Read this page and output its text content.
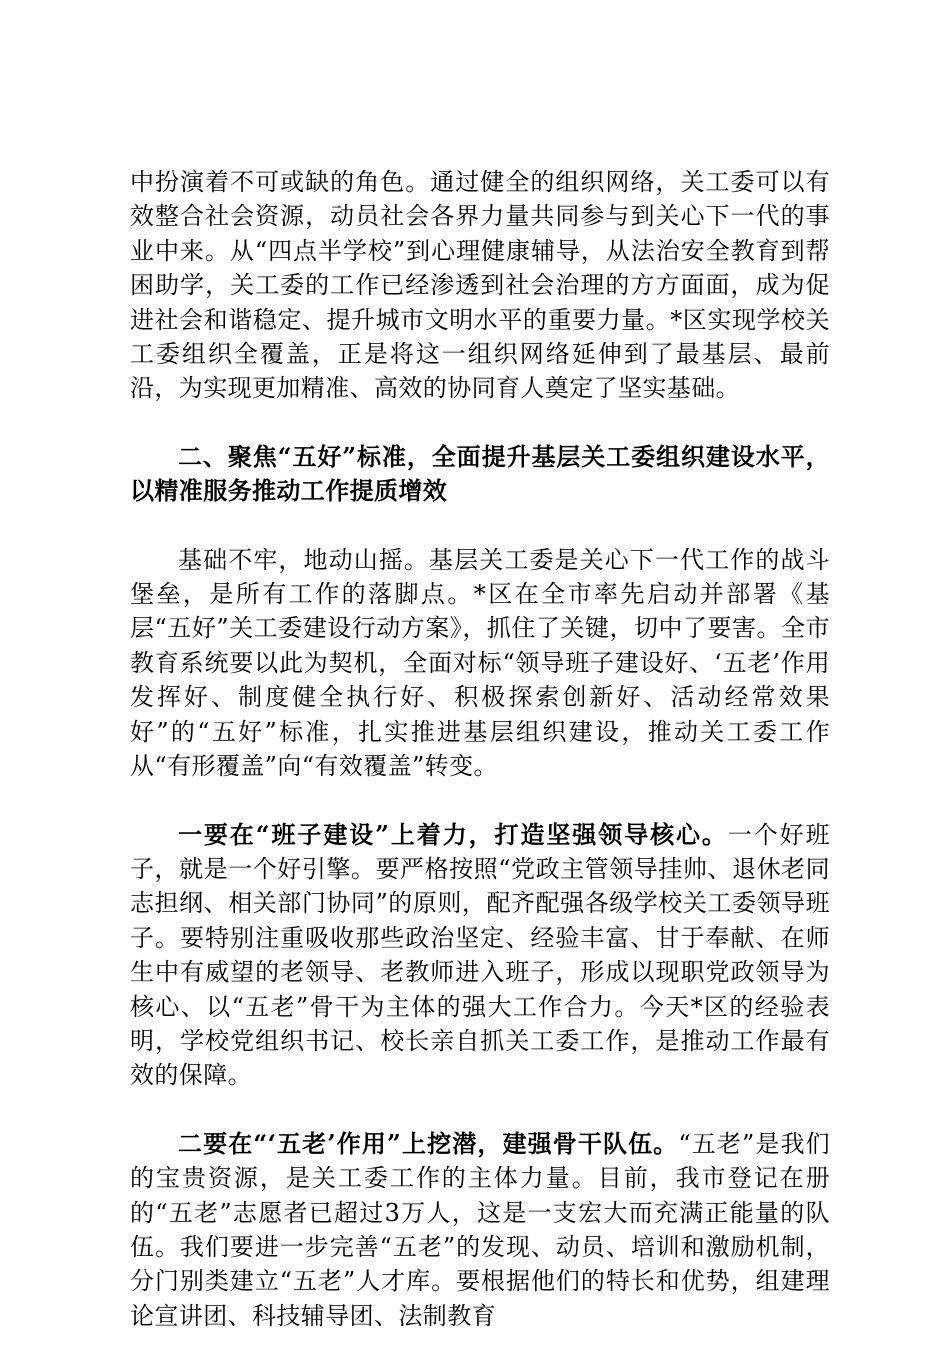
中扮演着不可或缺的角色。通过健全的组织网络，关工委可以有效整合社会资源，动员社会各界力量共同参与到关心下一代的事业中来。从“四点半学校”到心理健康辅导，从法治安全教育到帮困助学，关工委的工作已经渗透到社会治理的方方面面，成为促进社会和谐稳定、提升城市文明水平的重要力量。*区实现学校关工委组织全覆盖，正是将这一组织网络延伸到了最基层、最前沿，为实现更加精准、高效的协同育人奠定了坚实基础。

二、聚焦“五好”标准，全面提升基层关工委组织建设水平，以精准服务推动工作提质增效

基础不牢，地动山摇。基层关工委是关心下一代工作的战斗堡垒，是所有工作的落脚点。*区在全市率先启动并部署《基层“五好”关工委建设行动方案》，抓住了关键，切中了要害。全市教育系统要以此为契机，全面对标“领导班子建设好、‘五老’作用发挥好、制度健全执行好、积极探索创新好、活动经常效果好”的“五好”标准，扎实推进基层组织建设，推动关工委工作从“有形覆盖”向“有效覆盖”转变。

一要在“班子建设”上着力，打造坚强领导核心。一个好班子，就是一个好引擎。要严格按照“党政主管领导挂帅、退休老同志担纲、相关部门协同”的原则，配齐配强各级学校关工委领导班子。要特别注重吸收那些政治坚定、经验丰富、甘于奉献、在师生中有威望的老领导、老教师进入班子，形成以现职党政领导为核心、以“五老”骨干为主体的强大工作合力。今天*区的经验表明，学校党组织书记、校长亲自抓关工委工作，是推动工作最有效的保障。

二要在“‘五老’作用”上挖潜，建强骨干队伍。“五老”是我们的宝贵资源，是关工委工作的主体力量。目前，我市登记在册的“五老”志愿者已超过3万人，这是一支宏大而充满正能量的队伍。我们要进一步完善“五老”的发现、动员、培训和激励机制，分门别类建立“五老”人才库。要根据他们的特长和优势，组建理论宣讲团、科技辅导团、法制教育
